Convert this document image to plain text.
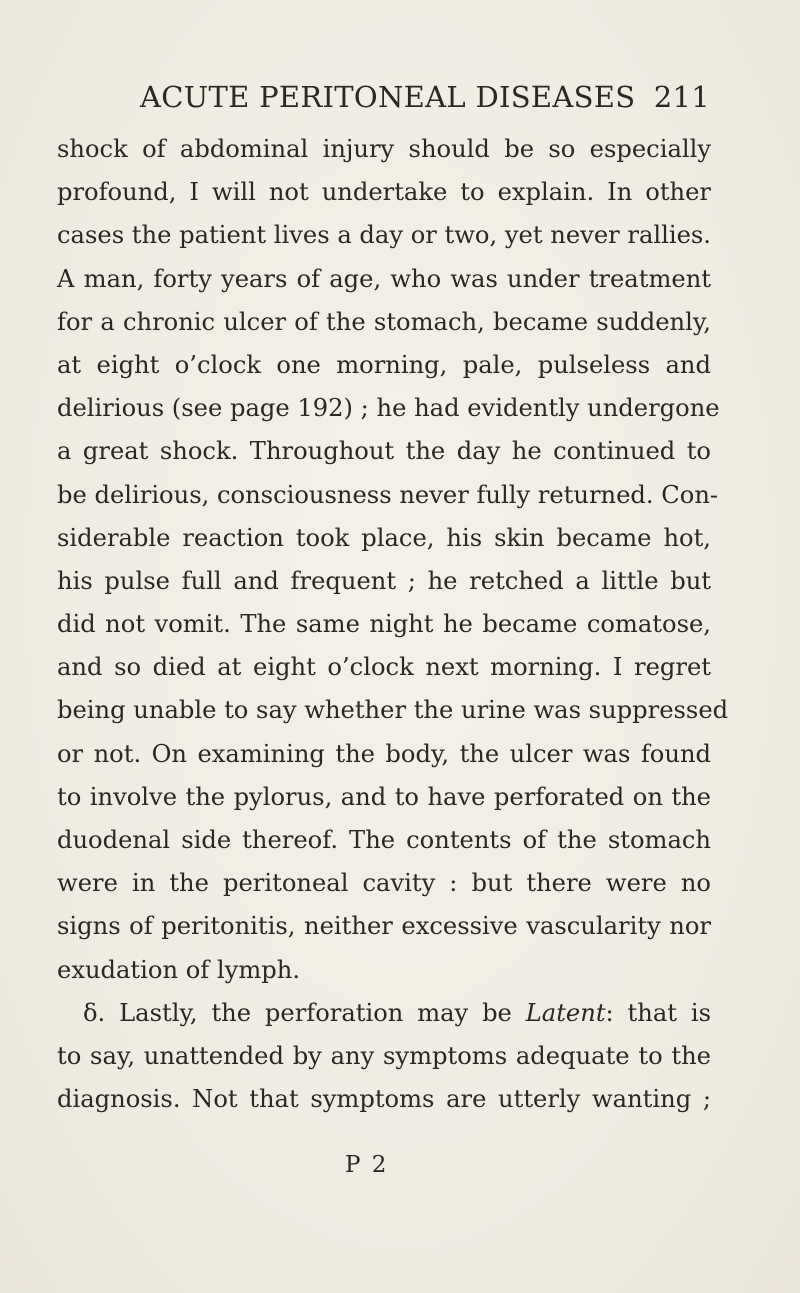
ACUTE PERITONEAL DISEASES 211
shock of abdominal injury should be so especially
profound, I will not undertake to explain. In other
cases the patient lives a day or two, yet never rallies.
A man, forty years of age, who was under treatment
for a chronic ulcer of the stomach, became suddenly,
at eight o’clock one morning, pale, pulseless and
delirious (see page 192) ; he had evidently undergone
a great shock. Throughout the day he continued to
be delirious, consciousness never fully returned. Con-
siderable reaction took place, his skin became hot,
his pulse full and frequent ; he retched a little but
did not vomit. The same night he became comatose,
and so died at eight o’clock next morning. I regret
being unable to say whether the urine was suppressed
or not. On examining the body, the ulcer was found
to involve the pylorus, and to have perforated on the
duodenal side thereof. The contents of the stomach
were in the peritoneal cavity : but there were no
signs of peritonitis, neither excessive vascularity nor
exudation of lymph.
δ. Lastly, the perforation may be Latent: that is
to say, unattended by any symptoms adequate to the
diagnosis. Not that symptoms are utterly wanting ;
P 2
